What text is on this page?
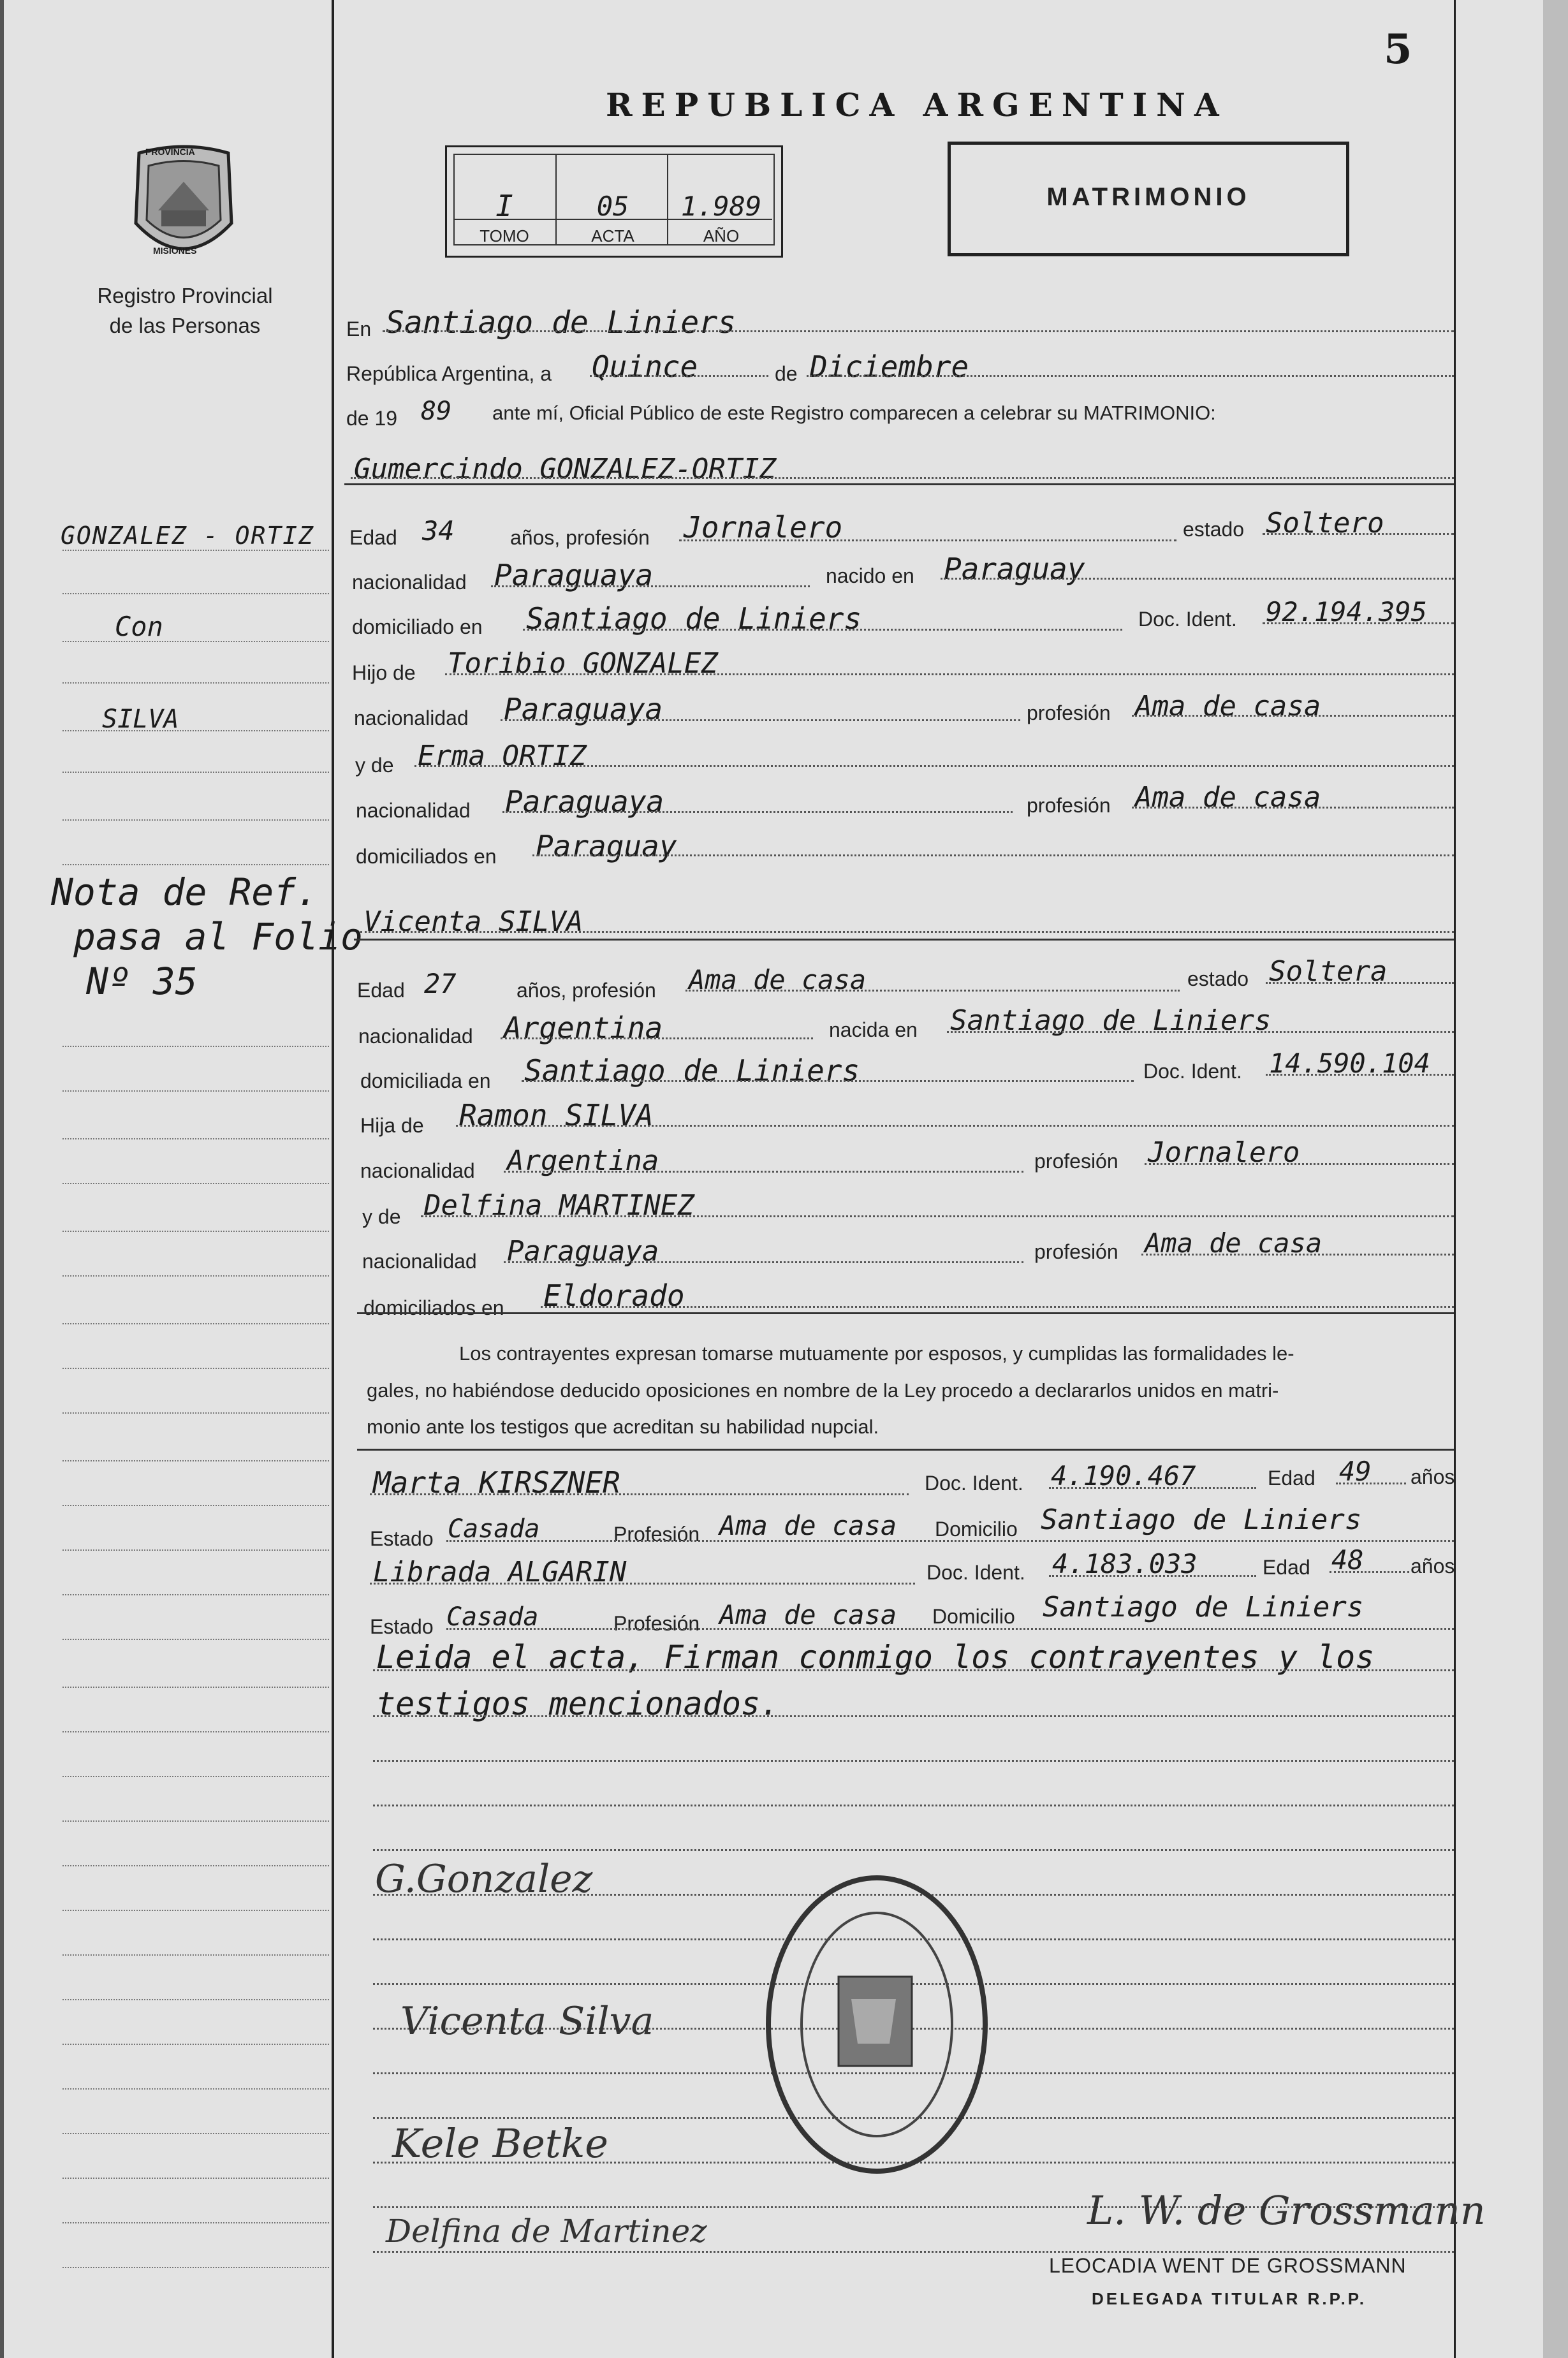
5
REPUBLICA ARGENTINA
I	05	1.989
TOMO	ACTA	AÑO
MATRIMONIO
PROVINCIA
MISIONES
Registro Provincial
de las Personas
GONZALEZ - ORTIZ
Con
SILVA
Nota de Ref.
pasa al Folio
Nº 35
En Santiago de Liniers
República Argentina, a Quince	de Diciembre
de 19 89 ante mí, Oficial Público de este Registro comparecen a celebrar su MATRIMONIO:
Gumercindo GONZALEZ-ORTIZ
Edad 34	años, profesión Jornalero	estado Soltero
nacionalidad Paraguaya	nacido en Paraguay
domiciliado en Santiago de Liniers	Doc. Ident. 92.194.395
Hijo de Toribio GONZALEZ
nacionalidad Paraguaya	profesión Ama de casa
y de Erma ORTIZ
nacionalidad Paraguaya	profesión Ama de casa
domiciliados en Paraguay
Vicenta SILVA
Edad 27	años, profesión Ama de casa	estado Soltera
nacionalidad Argentina	nacida en Santiago de Liniers
domiciliada en Santiago de Liniers	Doc. Ident. 14.590.104
Hija de Ramon SILVA
nacionalidad Argentina	profesión Jornalero
y de Delfina MARTINEZ
nacionalidad Paraguaya	profesión Ama de casa
domiciliados en Eldorado
Los contrayentes expresan tomarse mutuamente por esposos, y cumplidas las formalidades le-
gales, no habiéndose deducido oposiciones en nombre de la Ley procedo a declararlos unidos en matri-
monio ante los testigos que acreditan su habilidad nupcial.
Marta KIRSZNER	Doc. Ident. 4.190.467	Edad 49 años
Estado Casada	Profesión Ama de casa Domicilio Santiago de Liniers
Librada ALGARIN	Doc. Ident. 4.183.033	Edad 48 años
Estado Casada	Profesión Ama de casa Domicilio Santiago de Liniers
Leida el acta, Firman conmigo los contrayentes y los
testigos mencionados.
G.Gonzalez
Vicenta Silva
Kele Betke
Delfina de Martinez	L. W. de Grossmann
LEOCADIA WENT DE GROSSMANN
DELEGADA TITULAR R.P.P.
